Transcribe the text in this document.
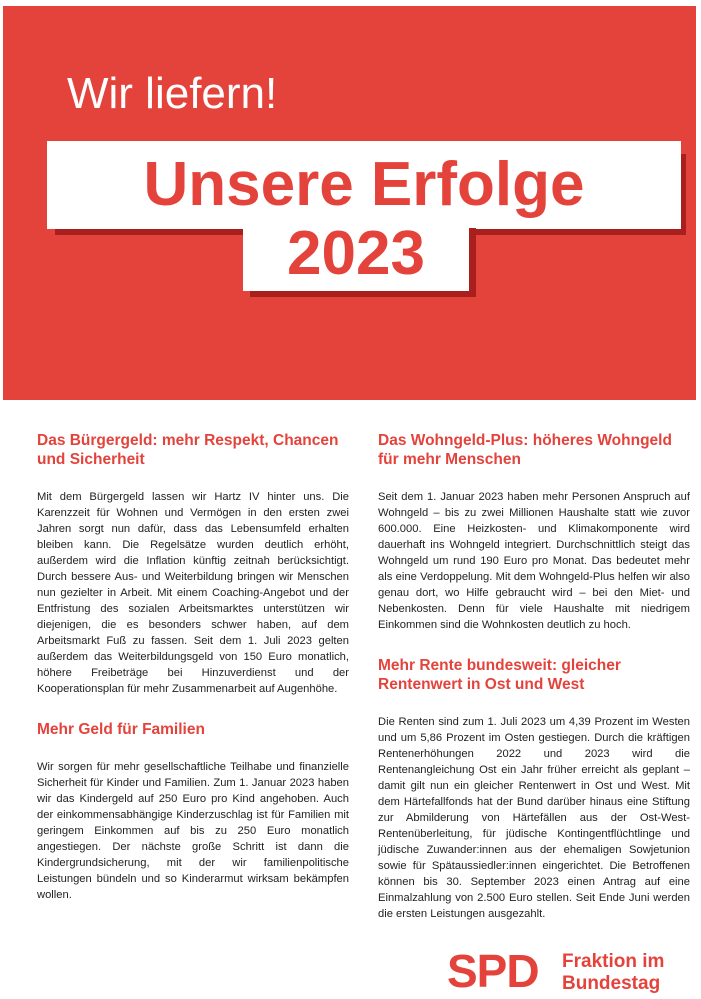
Wir liefern!
Unsere Erfolge
2023
Das Bürgergeld: mehr Respekt, Chancen und Sicherheit

Mit dem Bürgergeld lassen wir Hartz IV hinter uns. Die Karenzzeit für Wohnen und Vermögen in den ersten zwei Jahren sorgt nun dafür, dass das Lebensumfeld erhalten bleiben kann. Die Regelsätze wurden deutlich erhöht, außerdem wird die Inflation künftig zeitnah berücksichtigt. Durch bessere Aus- und Weiterbildung bringen wir Menschen nun gezielter in Arbeit. Mit einem Coaching-Angebot und der Entfristung des sozialen Arbeitsmarktes unterstützen wir diejenigen, die es besonders schwer haben, auf dem Arbeitsmarkt Fuß zu fassen. Seit dem 1. Juli 2023 gelten außerdem das Weiterbildungsgeld von 150 Euro monatlich, höhere Freibeträge bei Hinzuverdienst und der Kooperationsplan für mehr Zusammenarbeit auf Augenhöhe.

Mehr Geld für Familien

Wir sorgen für mehr gesellschaftliche Teilhabe und finanzielle Sicherheit für Kinder und Familien. Zum 1. Januar 2023 haben wir das Kindergeld auf 250 Euro pro Kind angehoben. Auch der einkommensabhängige Kinderzuschlag ist für Familien mit geringem Einkommen auf bis zu 250 Euro monatlich angestiegen. Der nächste große Schritt ist dann die Kindergrundsicherung, mit der wir familienpolitische Leistungen bündeln und so Kinderarmut wirksam bekämpfen wollen.

Das Wohngeld-Plus: höheres Wohngeld für mehr Menschen

Seit dem 1. Januar 2023 haben mehr Personen Anspruch auf Wohngeld – bis zu zwei Millionen Haushalte statt wie zuvor 600.000. Eine Heizkosten- und Klimakomponente wird dauerhaft ins Wohngeld integriert. Durchschnittlich steigt das Wohngeld um rund 190 Euro pro Monat. Das bedeutet mehr als eine Verdoppelung. Mit dem Wohngeld-Plus helfen wir also genau dort, wo Hilfe gebraucht wird – bei den Miet- und Nebenkosten. Denn für viele Haushalte mit niedrigem Einkommen sind die Wohnkosten deutlich zu hoch.

Mehr Rente bundesweit: gleicher Rentenwert in Ost und West

Die Renten sind zum 1. Juli 2023 um 4,39 Prozent im Westen und um 5,86 Prozent im Osten gestiegen. Durch die kräftigen Rentenerhöhungen 2022 und 2023 wird die Rentenangleichung Ost ein Jahr früher erreicht als geplant – damit gilt nun ein gleicher Rentenwert in Ost und West. Mit dem Härtefallfonds hat der Bund darüber hinaus eine Stiftung zur Abmilderung von Härtefällen aus der Ost-West-Rentenüberleitung, für jüdische Kontingentflüchtlinge und jüdische Zuwander:innen aus der ehemaligen Sowjetunion sowie für Spätaussiedler:innen eingerichtet. Die Betroffenen können bis 30. September 2023 einen Antrag auf eine Einmalzahlung von 2.500 Euro stellen. Seit Ende Juni werden die ersten Leistungen ausgezahlt.

SPD Fraktion im
Bundestag
